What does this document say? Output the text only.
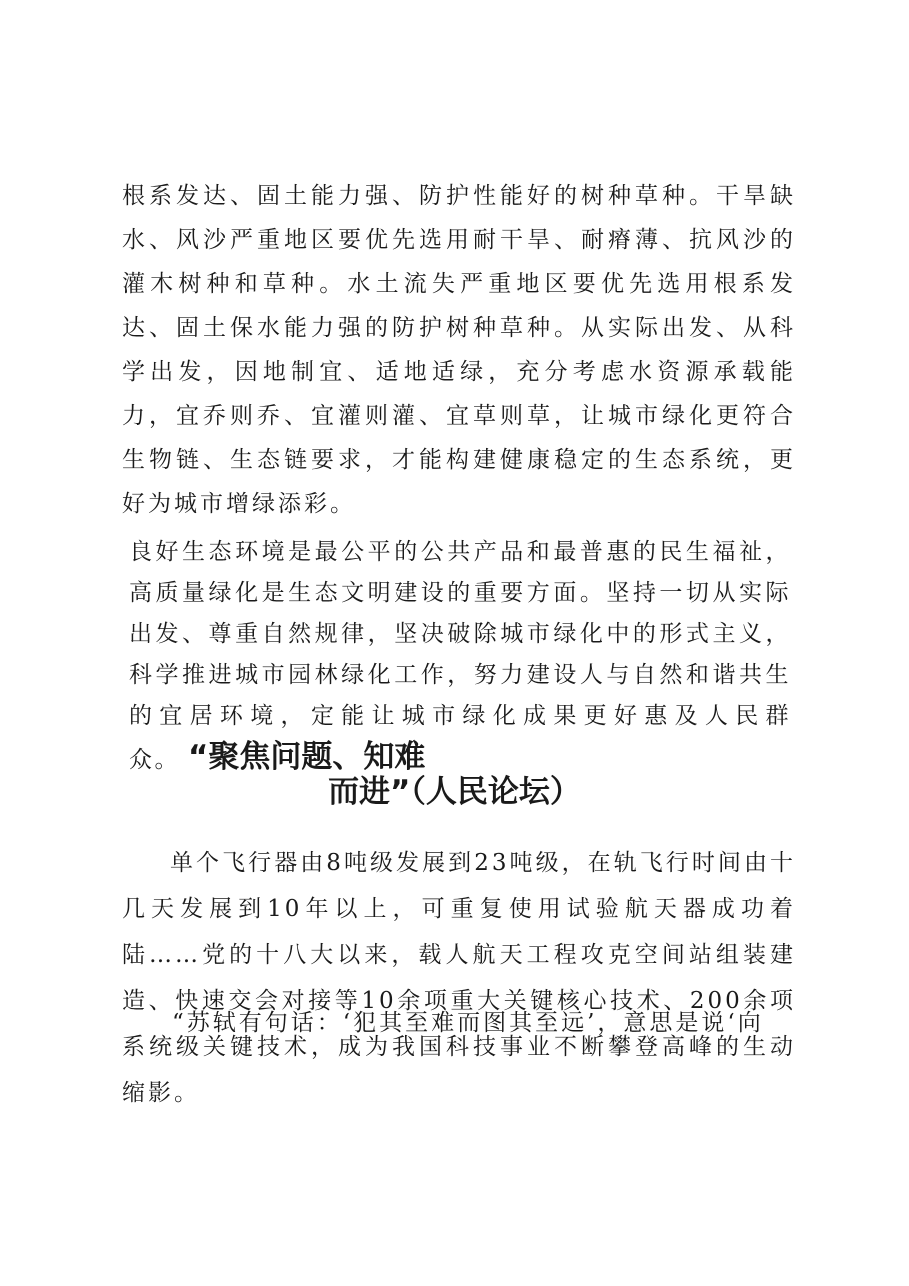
根系发达、固土能力强、防护性能好的树种草种。干旱缺水、风沙严重地区要优先选用耐干旱、耐瘠薄、抗风沙的灌木树种和草种。水土流失严重地区要优先选用根系发达、固土保水能力强的防护树种草种。从实际出发、从科学出发，因地制宜、适地适绿，充分考虑水资源承载能力，宜乔则乔、宜灌则灌、宜草则草，让城市绿化更符合生物链、生态链要求，才能构建健康稳定的生态系统，更好为城市增绿添彩。

良好生态环境是最公平的公共产品和最普惠的民生福祉，高质量绿化是生态文明建设的重要方面。坚持一切从实际出发、尊重自然规律，坚决破除城市绿化中的形式主义，科学推进城市园林绿化工作，努力建设人与自然和谐共生的宜居环境，定能让城市绿化成果更好惠及人民群众。 “聚焦问题、知难

而进”（人民论坛）

单个飞行器由8吨级发展到23吨级，在轨飞行时间由十几天发展到10年以上，可重复使用试验航天器成功着陆……党的十八大以来，载人航天工程攻克空间站组装建造、快速交会对接等10余项重大关键核心技术、200余项系统级关键技术，成为我国科技事业不断攀登高峰的生动缩影。

“苏轼有句话：‘犯其至难而图其至远’，意思是说‘向
